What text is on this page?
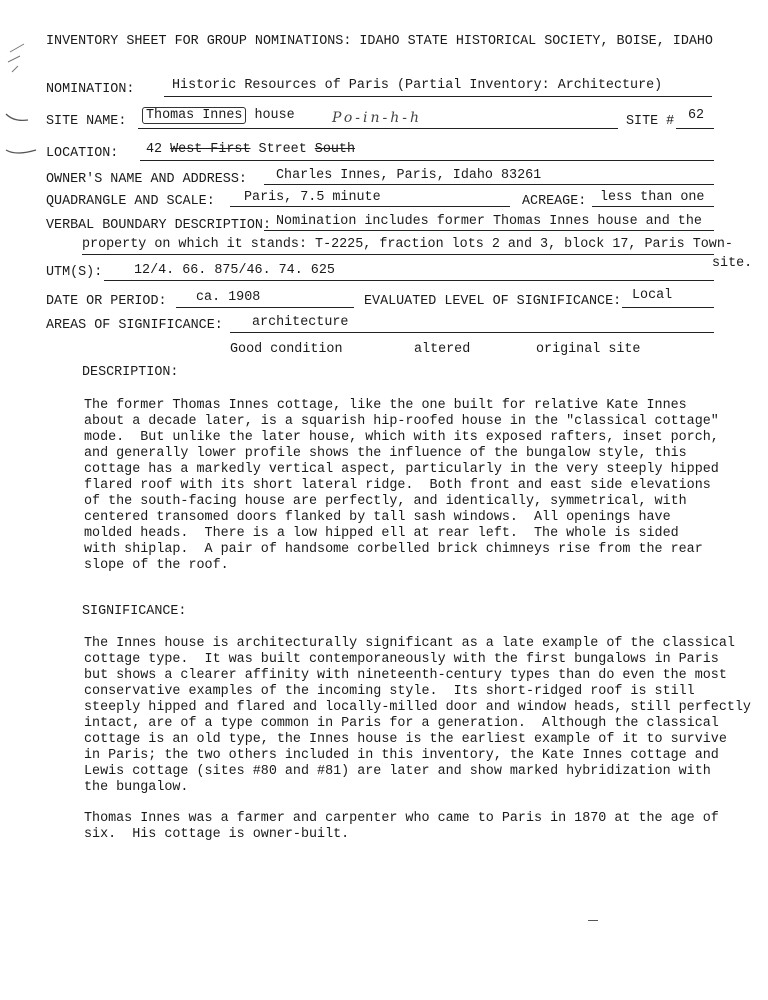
INVENTORY SHEET FOR GROUP NOMINATIONS: IDAHO STATE HISTORICAL SOCIETY, BOISE, IDAHO
NOMINATION:	Historic Resources of Paris (Partial Inventory: Architecture)
SITE NAME: Thomas Innes house	Po-in-h-h	SITE # 62
LOCATION: 42 West First Street South
OWNER'S NAME AND ADDRESS: Charles Innes, Paris, Idaho 83261
QUADRANGLE AND SCALE: Paris, 7.5 minute	ACREAGE: less than one
VERBAL BOUNDARY DESCRIPTION: Nomination includes former Thomas Innes house and the
property on which it stands: T-2225, fraction lots 2 and 3, block 17, Paris Town-
site.
UTM(S): 12/4. 66. 875/46. 74. 625
DATE OR PERIOD: ca. 1908	EVALUATED LEVEL OF SIGNIFICANCE: Local
AREAS OF SIGNIFICANCE: architecture
Good condition	altered	original site
DESCRIPTION:
The former Thomas Innes cottage, like the one built for relative Kate Innes
about a decade later, is a squarish hip-roofed house in the "classical cottage"
mode.  But unlike the later house, which with its exposed rafters, inset porch,
and generally lower profile shows the influence of the bungalow style, this
cottage has a markedly vertical aspect, particularly in the very steeply hipped
flared roof with its short lateral ridge.  Both front and east side elevations
of the south-facing house are perfectly, and identically, symmetrical, with
centered transomed doors flanked by tall sash windows.  All openings have
molded heads.  There is a low hipped ell at rear left.  The whole is sided
with shiplap.  A pair of handsome corbelled brick chimneys rise from the rear
slope of the roof.
SIGNIFICANCE:
The Innes house is architecturally significant as a late example of the classical
cottage type.  It was built contemporaneously with the first bungalows in Paris
but shows a clearer affinity with nineteenth-century types than do even the most
conservative examples of the incoming style.  Its short-ridged roof is still
steeply hipped and flared and locally-milled door and window heads, still perfectly
intact, are of a type common in Paris for a generation.  Although the classical
cottage is an old type, the Innes house is the earliest example of it to survive
in Paris; the two others included in this inventory, the Kate Innes cottage and
Lewis cottage (sites #80 and #81) are later and show marked hybridization with
the bungalow.
Thomas Innes was a farmer and carpenter who came to Paris in 1870 at the age of
six.  His cottage is owner-built.
